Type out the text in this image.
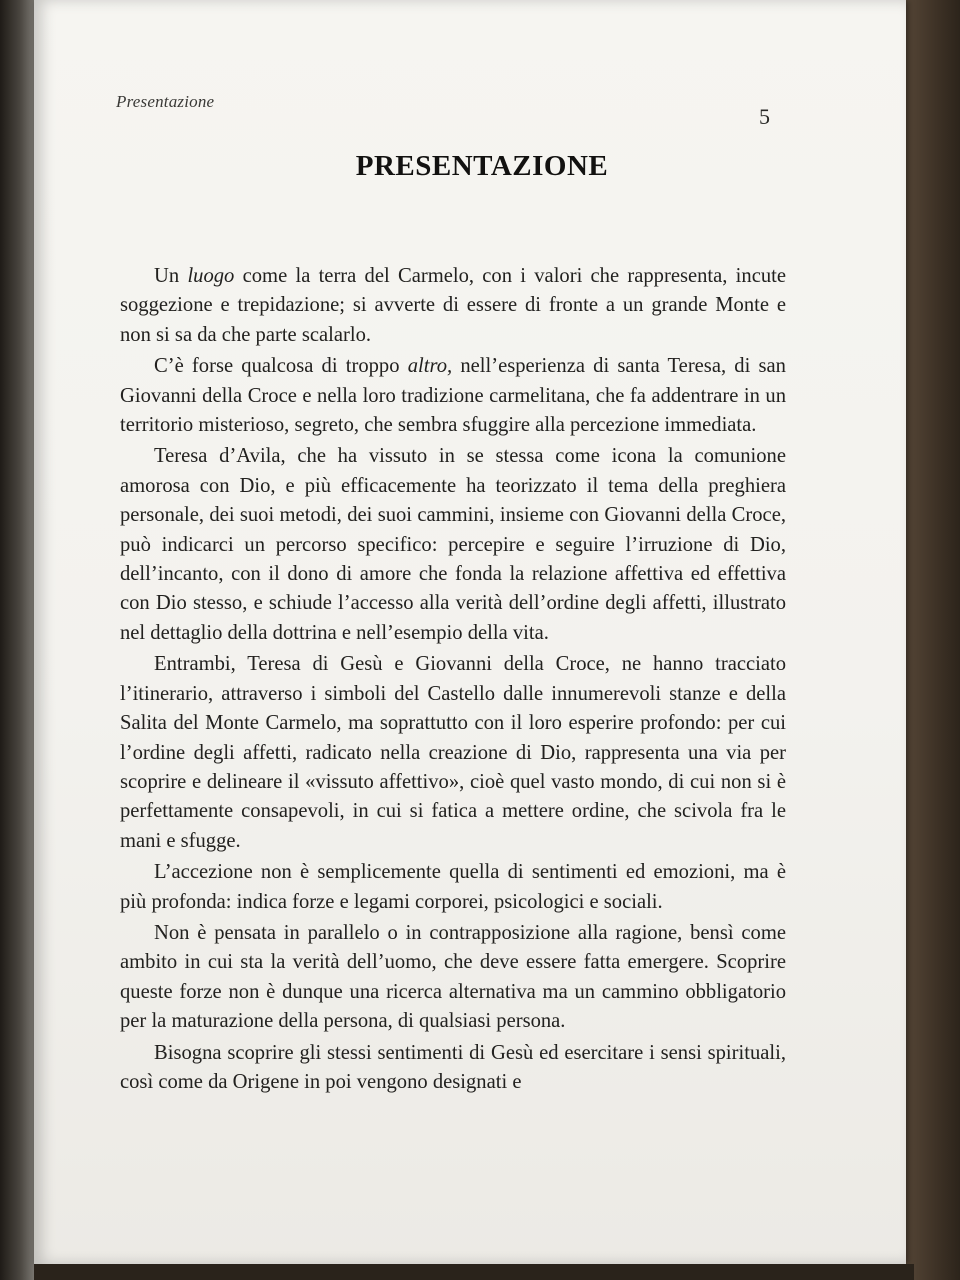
Presentazione
5
PRESENTAZIONE

Un luogo come la terra del Carmelo, con i valori che rappresenta, incute soggezione e trepidazione; si avverte di essere di fronte a un grande Monte e non si sa da che parte scalarlo.

C’è forse qualcosa di troppo altro, nell’esperienza di santa Teresa, di san Giovanni della Croce e nella loro tradizione carmelitana, che fa addentrare in un territorio misterioso, segreto, che sembra sfuggire alla percezione immediata.

Teresa d’Avila, che ha vissuto in se stessa come icona la comunione amorosa con Dio, e più efficacemente ha teorizzato il tema della preghiera personale, dei suoi metodi, dei suoi cammini, insieme con Giovanni della Croce, può indicarci un percorso specifico: percepire e seguire l’irruzione di Dio, dell’incanto, con il dono di amore che fonda la relazione affettiva ed effettiva con Dio stesso, e schiude l’accesso alla verità dell’ordine degli affetti, illustrato nel dettaglio della dottrina e nell’esempio della vita.

Entrambi, Teresa di Gesù e Giovanni della Croce, ne hanno tracciato l’itinerario, attraverso i simboli del Castello dalle innumerevoli stanze e della Salita del Monte Carmelo, ma soprattutto con il loro esperire profondo: per cui l’ordine degli affetti, radicato nella creazione di Dio, rappresenta una via per scoprire e delineare il «vissuto affettivo», cioè quel vasto mondo, di cui non si è perfettamente consapevoli, in cui si fatica a mettere ordine, che scivola fra le mani e sfugge.

L’accezione non è semplicemente quella di sentimenti ed emozioni, ma è più profonda: indica forze e legami corporei, psicologici e sociali.

Non è pensata in parallelo o in contrapposizione alla ragione, bensì come ambito in cui sta la verità dell’uomo, che deve essere fatta emergere. Scoprire queste forze non è dunque una ricerca alternativa ma un cammino obbligatorio per la maturazione della persona, di qualsiasi persona.

Bisogna scoprire gli stessi sentimenti di Gesù ed esercitare i sensi spirituali, così come da Origene in poi vengono designati e
